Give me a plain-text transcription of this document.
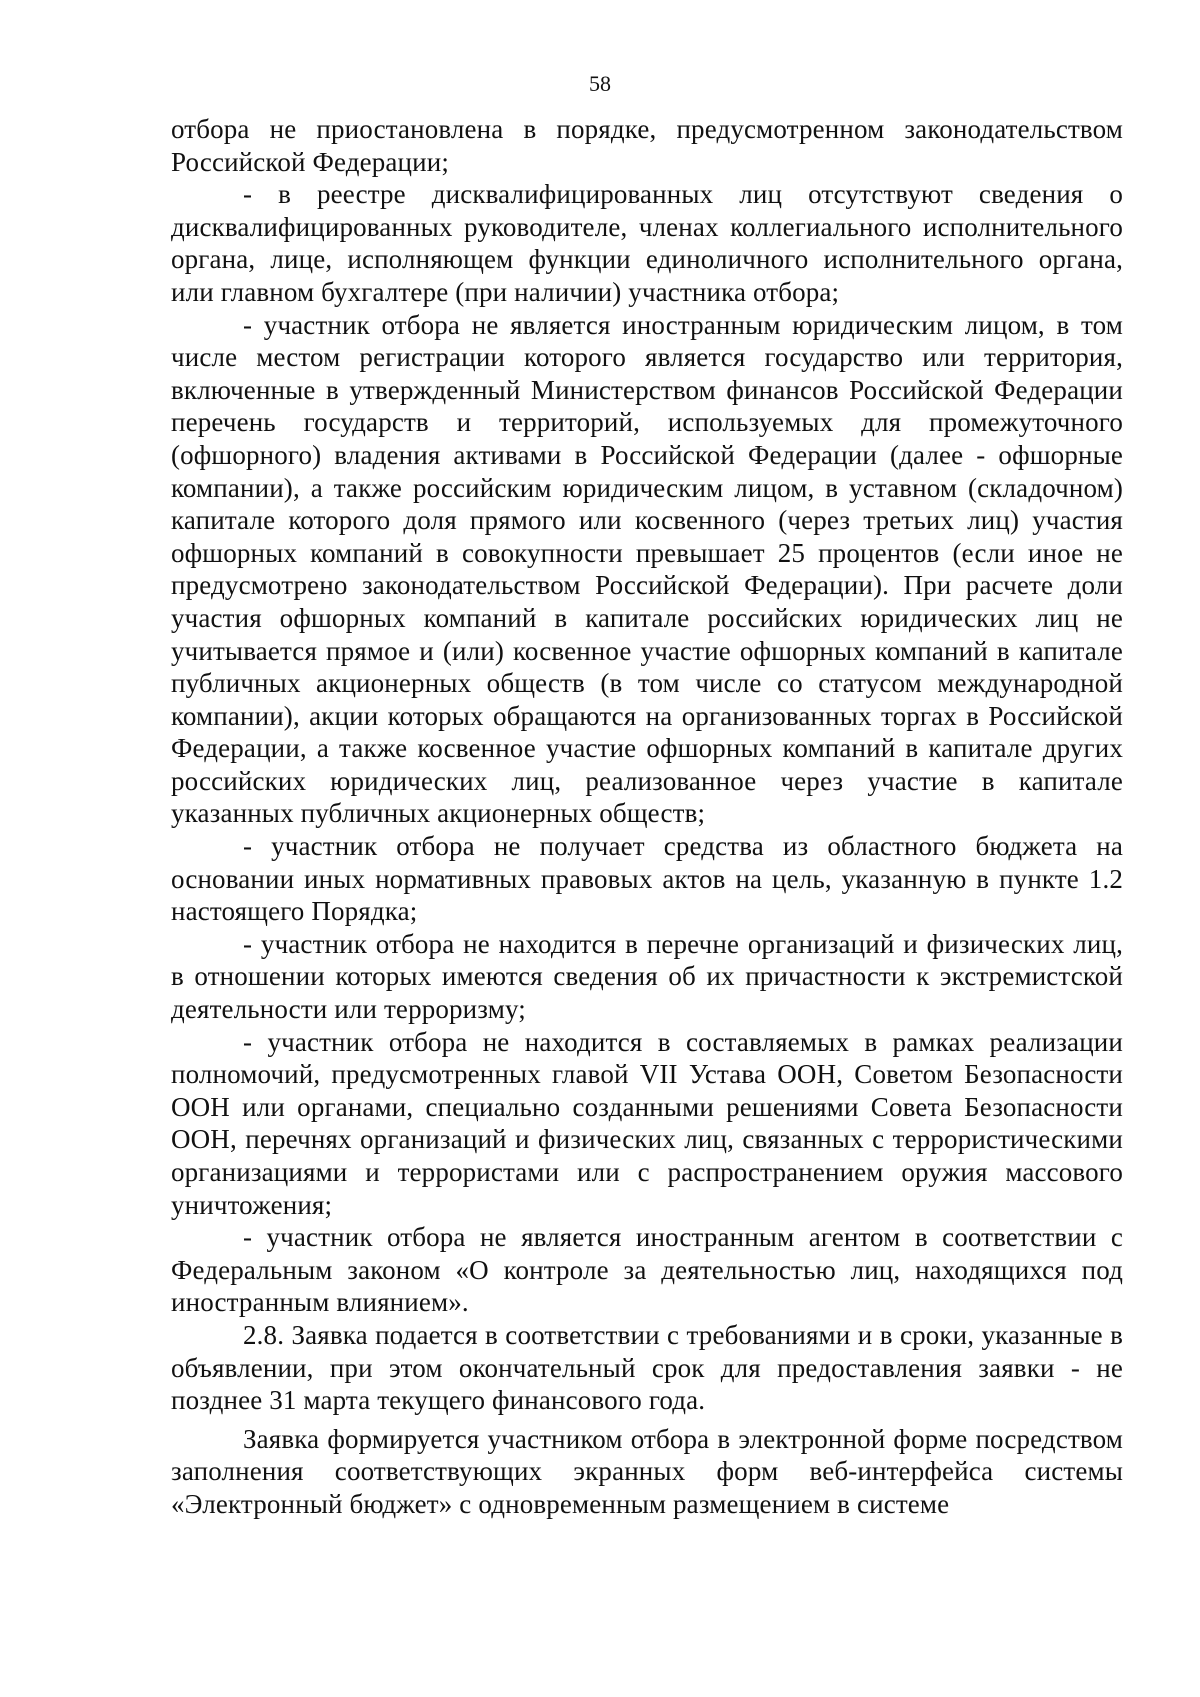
58

отбора не приостановлена в порядке, предусмотренном законодательством Российской Федерации;

- в реестре дисквалифицированных лиц отсутствуют сведения о дисквалифицированных руководителе, членах коллегиального исполнительного органа, лице, исполняющем функции единоличного исполнительного органа, или главном бухгалтере (при наличии) участника отбора;

- участник отбора не является иностранным юридическим лицом, в том числе местом регистрации которого является государство или территория, включенные в утвержденный Министерством финансов Российской Федерации перечень государств и территорий, используемых для промежуточного (офшорного) владения активами в Российской Федерации (далее - офшорные компании), а также российским юридическим лицом, в уставном (складочном) капитале которого доля прямого или косвенного (через третьих лиц) участия офшорных компаний в совокупности превышает 25 процентов (если иное не предусмотрено законодательством Российской Федерации). При расчете доли участия офшорных компаний в капитале российских юридических лиц не учитывается прямое и (или) косвенное участие офшорных компаний в капитале публичных акционерных обществ (в том числе со статусом международной компании), акции которых обращаются на организованных торгах в Российской Федерации, а также косвенное участие офшорных компаний в капитале других российских юридических лиц, реализованное через участие в капитале указанных публичных акционерных обществ;

- участник отбора не получает средства из областного бюджета на основании иных нормативных правовых актов на цель, указанную в пункте 1.2 настоящего Порядка;

- участник отбора не находится в перечне организаций и физических лиц, в отношении которых имеются сведения об их причастности к экстремистской деятельности или терроризму;

- участник отбора не находится в составляемых в рамках реализации полномочий, предусмотренных главой VII Устава ООН, Советом Безопасности ООН или органами, специально созданными решениями Совета Безопасности ООН, перечнях организаций и физических лиц, связанных с террористическими организациями и террористами или с распространением оружия массового уничтожения;

- участник отбора не является иностранным агентом в соответствии с Федеральным законом «О контроле за деятельностью лиц, находящихся под иностранным влиянием».

2.8. Заявка подается в соответствии с требованиями и в сроки, указанные в объявлении, при этом окончательный срок для предоставления заявки - не позднее 31 марта текущего финансового года.

Заявка формируется участником отбора в электронной форме посредством заполнения соответствующих экранных форм веб-интерфейса системы «Электронный бюджет» с одновременным размещением в системе
